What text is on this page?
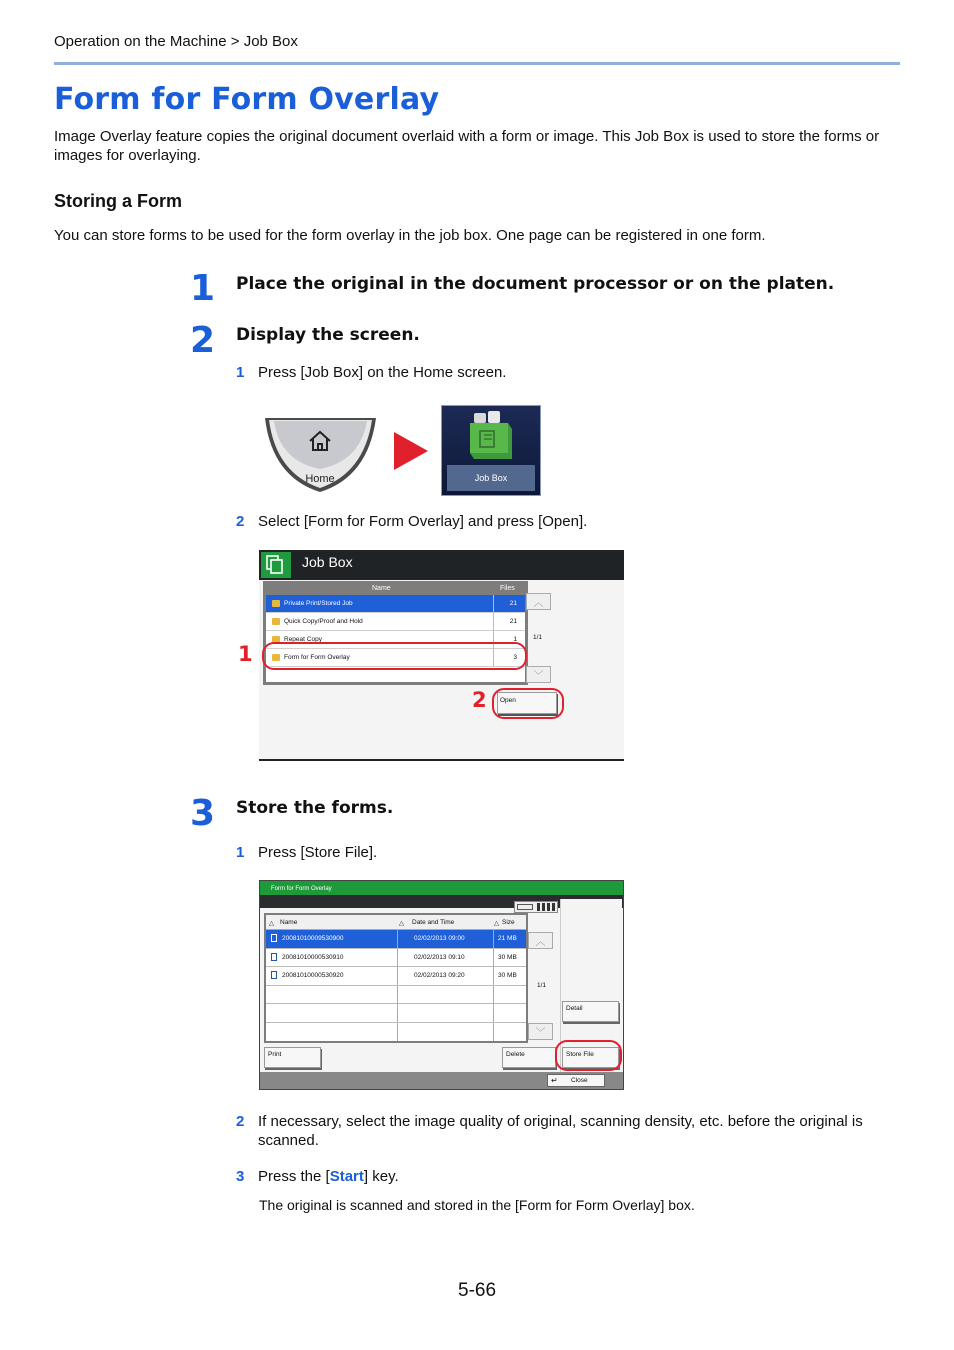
Operation on the Machine > Job Box
Form for Form Overlay

Image Overlay feature copies the original document overlaid with a form or image. This Job Box is used to store the forms or images for overlaying.

Storing a Form

You can store forms to be used for the form overlay in the job box. One page can be registered in one form.

1 Place the original in the document processor or on the platen.
2 Display the screen.
1 Press [Job Box] on the Home screen.
Home	Job Box
2 Select [Form for Form Overlay] and press [Open].
Job Box
Name	Files
Private Print/Stored Job	21
Quick Copy/Proof and Hold	21
Repeat Copy	1
Form for Form Overlay	3
︿
1/1
﹀
Open
1
2
3 Store the forms.
1 Press [Store File].
Form for Form Overlay
△ Name	△ Date and Time	△ Size
20081010009530900	02/02/2013 09:00	21 MB
20081010000530910	02/02/2013 09:10	30 MB
20081010000530920	02/02/2013 09:20	30 MB
︿
1/1
﹀
Detail
Print	Delete	Store File
↵ Close
2 If necessary, select the image quality of original, scanning density, etc. before the original is scanned.
3 Press the [Start] key.
The original is scanned and stored in the [Form for Form Overlay] box.
5-66
